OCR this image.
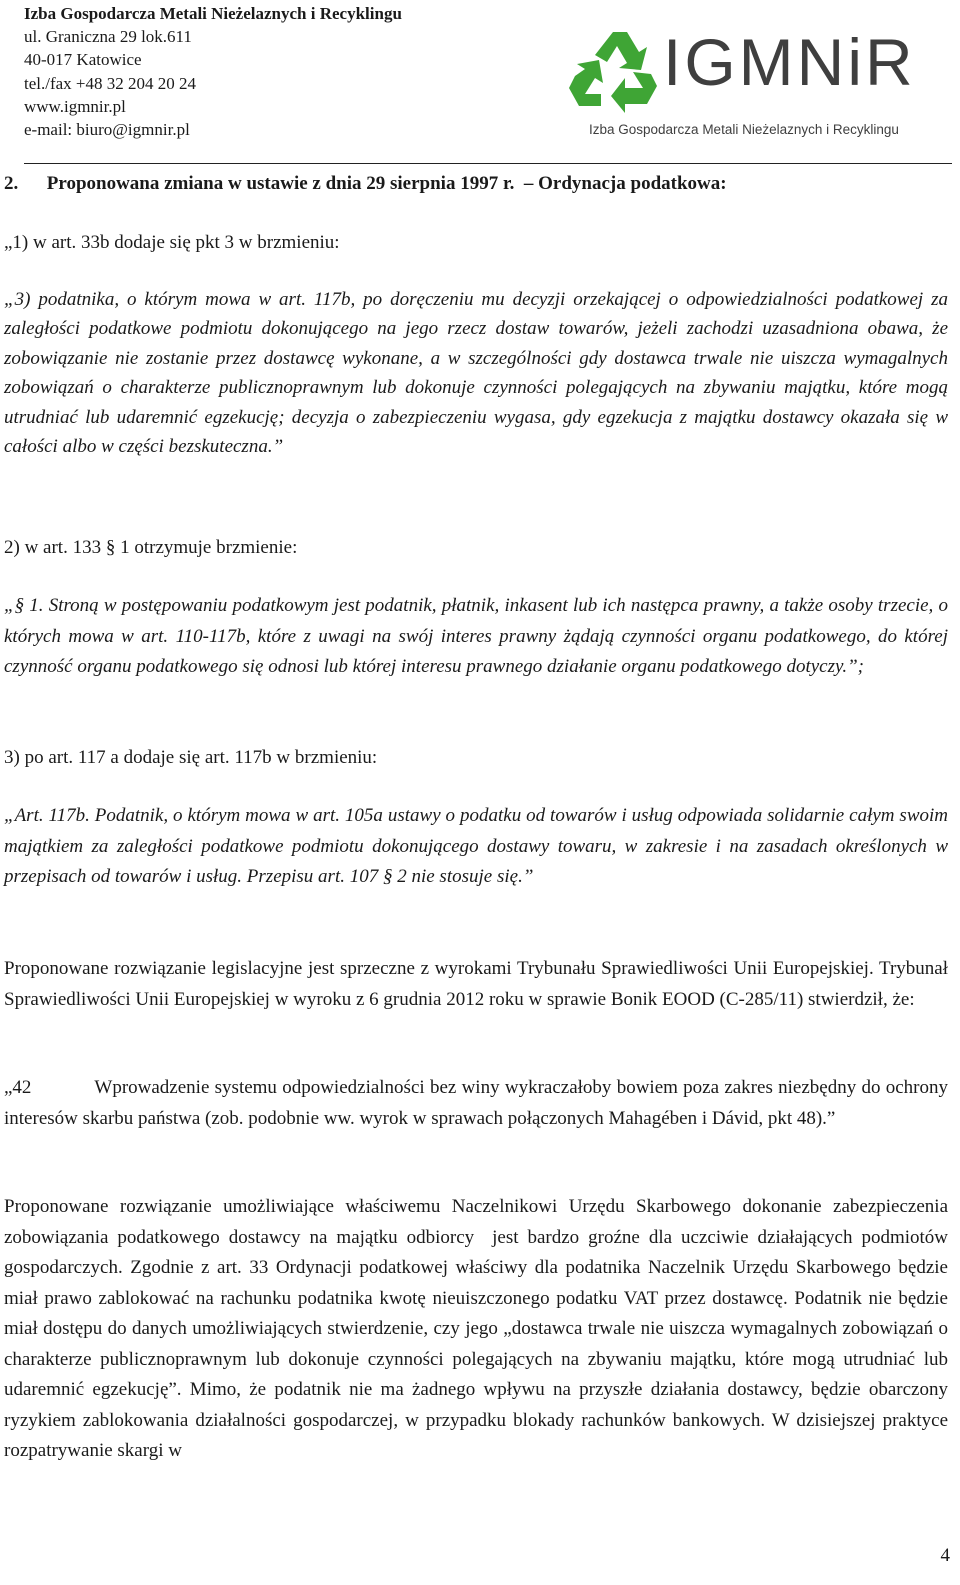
Izba Gospodarcza Metali Nieżelaznych i Recyklingu
ul. Graniczna 29 lok.611
40-017 Katowice
tel./fax +48 32 204 20 24
www.igmnir.pl
e-mail: biuro@igmnir.pl
IGMNiR
Izba Gospodarcza Metali Nieżelaznych i Recyklingu
2.      Proponowana zmiana w ustawie z dnia 29 sierpnia 1997 r.  – Ordynacja podatkowa:
„1) w art. 33b dodaje się pkt 3 w brzmieniu:
„3) podatnika, o którym mowa w art. 117b, po doręczeniu mu decyzji orzekającej o odpowiedzialności podatkowej za zaległości podatkowe podmiotu dokonującego na jego rzecz dostaw towarów, jeżeli zachodzi uzasadniona obawa, że zobowiązanie nie zostanie przez dostawcę wykonane, a w szczególności gdy dostawca trwale nie uiszcza wymagalnych zobowiązań o charakterze publicznoprawnym lub dokonuje czynności polegających na zbywaniu majątku, które mogą utrudniać lub udaremnić egzekucję; decyzja o zabezpieczeniu wygasa, gdy egzekucja z majątku dostawcy okazała się w całości albo w części bezskuteczna.”
2) w art. 133 § 1 otrzymuje brzmienie:
„§ 1. Stroną w postępowaniu podatkowym jest podatnik, płatnik, inkasent lub ich następca prawny, a także osoby trzecie, o których mowa w art. 110-117b, które z uwagi na swój interes prawny żądają czynności organu podatkowego, do której czynność organu podatkowego się odnosi lub której interesu prawnego działanie organu podatkowego dotyczy.”;
3) po art. 117 a dodaje się art. 117b w brzmieniu:
„Art. 117b. Podatnik, o którym mowa w art. 105a ustawy o podatku od towarów i usług odpowiada solidarnie całym swoim majątkiem za zaległości podatkowe podmiotu dokonującego dostawy towaru, w zakresie i na zasadach określonych w przepisach od towarów i usług. Przepisu art. 107 § 2 nie stosuje się.”
Proponowane rozwiązanie legislacyjne jest sprzeczne z wyrokami Trybunału Sprawiedliwości Unii Europejskiej. Trybunał Sprawiedliwości Unii Europejskiej w wyroku z 6 grudnia 2012 roku w sprawie Bonik EOOD (C-285/11) stwierdził, że:
„42            Wprowadzenie systemu odpowiedzialności bez winy wykraczałoby bowiem poza zakres niezbędny do ochrony interesów skarbu państwa (zob. podobnie ww. wyrok w sprawach połączonych Mahagében i Dávid, pkt 48).”
Proponowane rozwiązanie umożliwiające właściwemu Naczelnikowi Urzędu Skarbowego dokonanie zabezpieczenia zobowiązania podatkowego dostawcy na majątku odbiorcy  jest bardzo groźne dla uczciwie działających podmiotów gospodarczych. Zgodnie z art. 33 Ordynacji podatkowej właściwy dla podatnika Naczelnik Urzędu Skarbowego będzie miał prawo zablokować na rachunku podatnika kwotę nieuiszczonego podatku VAT przez dostawcę. Podatnik nie będzie miał dostępu do danych umożliwiających stwierdzenie, czy jego „dostawca trwale nie uiszcza wymagalnych zobowiązań o charakterze publicznoprawnym lub dokonuje czynności polegających na zbywaniu majątku, które mogą utrudniać lub udaremnić egzekucję”. Mimo, że podatnik nie ma żadnego wpływu na przyszłe działania dostawcy, będzie obarczony ryzykiem zablokowania działalności gospodarczej, w przypadku blokady rachunków bankowych. W dzisiejszej praktyce rozpatrywanie skargi w
4
